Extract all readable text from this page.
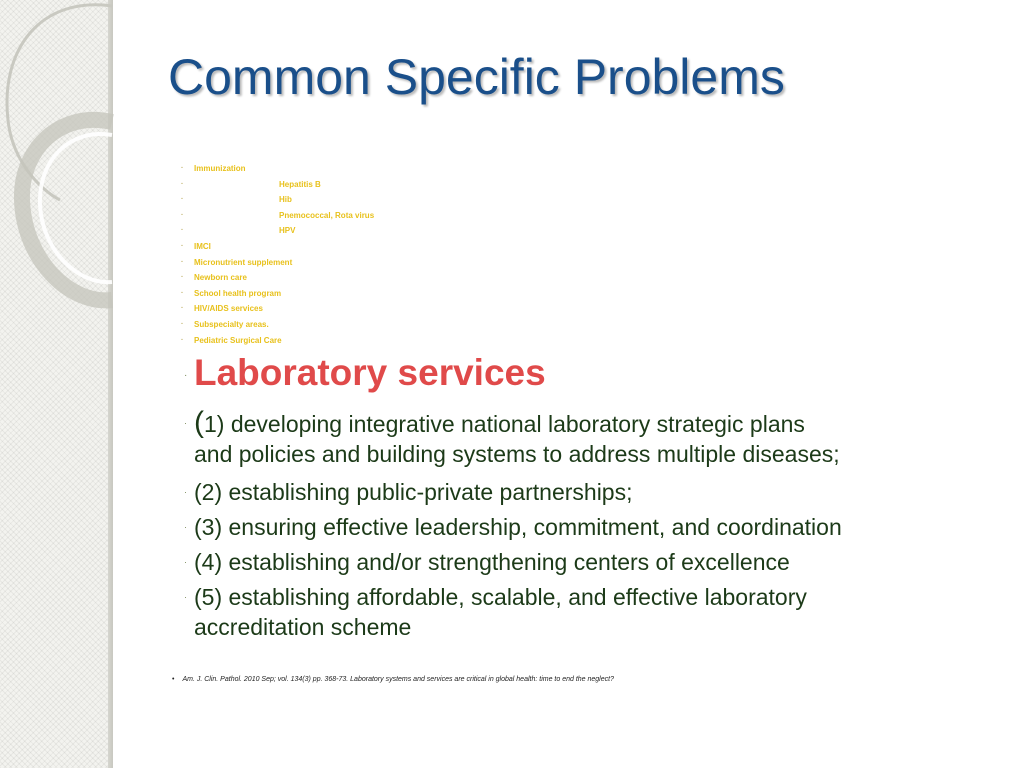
Common Specific Problems
· Immunization
·	Hepatitis B
·	Hib
·	Pnemococcal, Rota virus
·	HPV
· IMCI
· Micronutrient supplement
· Newborn care
· School health program
· HIV/AIDS services
· Subspecialty areas.
· Pediatric Surgical Care
· Laboratory services
· (1) developing integrative national laboratory strategic plans
and policies and building systems to address multiple diseases;
· (2) establishing public-private partnerships;
· (3) ensuring effective leadership, commitment, and coordination
· (4) establishing and/or strengthening centers of excellence
· (5) establishing affordable, scalable, and effective laboratory
accreditation scheme
• Am. J. Clin. Pathol. 2010 Sep; vol. 134(3) pp. 368-73. Laboratory systems and services are critical in global health: time to end the neglect?
